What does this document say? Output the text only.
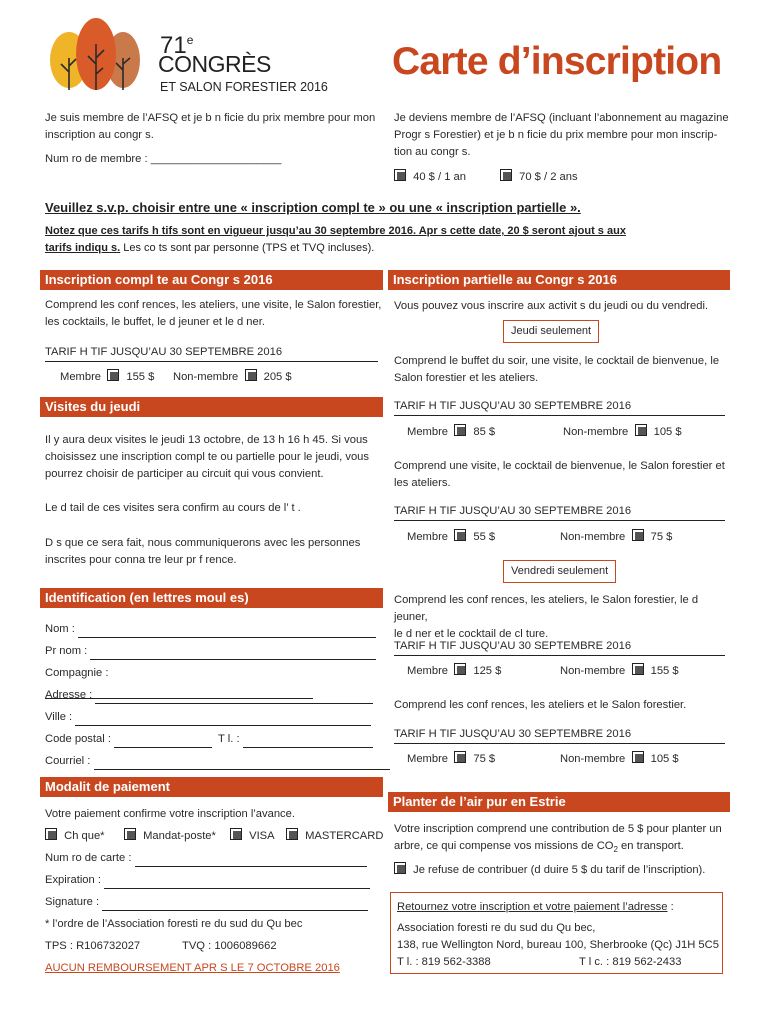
71e
CONGRÈS
ET SALON FORESTIER 2016
Carte d’inscription
Je suis membre de l’AFSQ et je b n ficie du prix membre pour mon
inscription au congr s.
Num ro de membre : _____________________
Je deviens membre de l’AFSQ (incluant l’abonnement au magazine
Progr s Forestier) et je b n ficie du prix membre pour mon inscrip-
tion au congr s.
40 $ / 1 an	70 $ / 2 ans
Veuillez s.v.p. choisir entre une « inscription compl te » ou une « inscription partielle ».
Notez que ces tarifs h tifs sont en vigueur jusqu’au 30 septembre 2016. Apr s cette date, 20 $ seront ajout s aux
tarifs indiqu s. Les co ts sont par personne (TPS et TVQ incluses).
Inscription compl te au Congr s 2016
Comprend les conf rences, les ateliers, une visite, le Salon forestier,
les cocktails, le buffet, le d jeuner et le d ner.
TARIF H TIF JUSQU’AU 30 SEPTEMBRE 2016
Membre 155 $ Non-membre 205 $
Visites du jeudi
Il y aura deux visites le jeudi 13 octobre, de 13 h 16 h 45. Si vous
choisissez une inscription compl te ou partielle pour le jeudi, vous
pourrez choisir de participer au circuit qui vous convient.
Le d tail de ces visites sera confirm au cours de l’ t .
D s que ce sera fait, nous communiquerons avec les personnes
inscrites pour conna tre leur pr f rence.
Identification (en lettres moul es)
Nom :
Pr nom :
Compagnie :
Adresse :
Ville :
Code postal :	T l. :
Courriel :
Modalit de paiement
Votre paiement confirme votre inscription l’avance.
Ch que*	Mandat-poste*	VISA	MASTERCARD
Num ro de carte :
Expiration :
Signature :
* l’ordre de l’Association foresti re du sud du Qu bec
TPS : R106732027	TVQ : 1006089662
AUCUN REMBOURSEMENT APR S LE 7 OCTOBRE 2016
Inscription partielle au Congr s 2016
Vous pouvez vous inscrire aux activit s du jeudi ou du vendredi.
Jeudi seulement
Comprend le buffet du soir, une visite, le cocktail de bienvenue, le
Salon forestier et les ateliers.
TARIF H TIF JUSQU’AU 30 SEPTEMBRE 2016
Membre 85 $	Non-membre 105 $
Comprend une visite, le cocktail de bienvenue, le Salon forestier et
les ateliers.
TARIF H TIF JUSQU’AU 30 SEPTEMBRE 2016
Membre 55 $	Non-membre 75 $
Vendredi seulement
Comprend les conf rences, les ateliers, le Salon forestier, le d jeuner,
le d ner et le cocktail de cl ture.
TARIF H TIF JUSQU’AU 30 SEPTEMBRE 2016
Membre 125 $	Non-membre 155 $
Comprend les conf rences, les ateliers et le Salon forestier.
TARIF H TIF JUSQU’AU 30 SEPTEMBRE 2016
Membre 75 $	Non-membre 105 $
Planter de l’air pur en Estrie
Votre inscription comprend une contribution de 5 $ pour planter un
arbre, ce qui compense vos missions de $CO_2$ en transport.
Je refuse de contribuer (d duire 5 $ du tarif de l’inscription).
Retournez votre inscription et votre paiement l’adresse :
Association foresti re du sud du Qu bec,
138, rue Wellington Nord, bureau 100, Sherbrooke (Qc) J1H 5C5
T l. : 819 562-3388	T l c. : 819 562-2433
